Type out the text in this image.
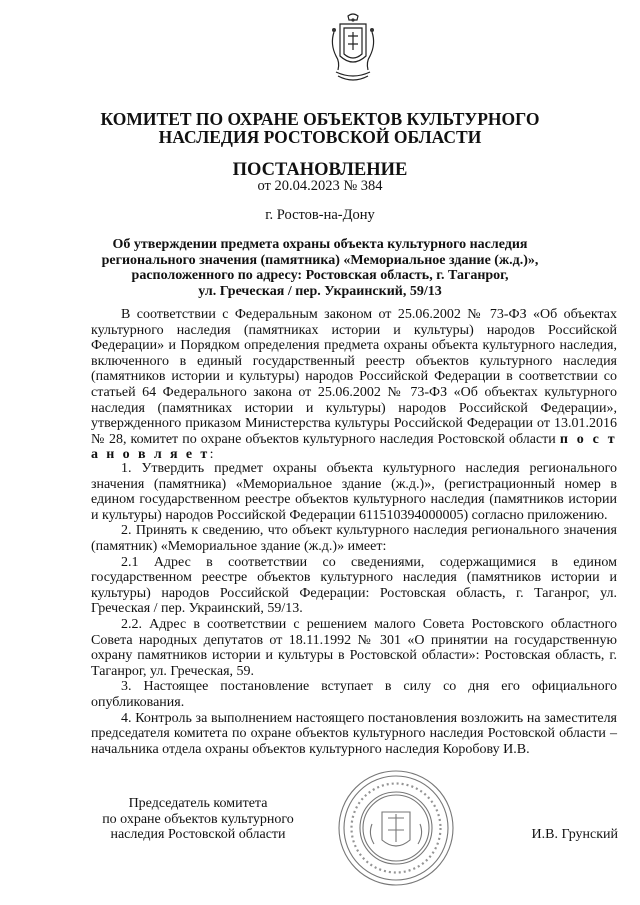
КОМИТЕТ ПО ОХРАНЕ ОБЪЕКТОВ КУЛЬТУРНОГО
НАСЛЕДИЯ РОСТОВСКОЙ ОБЛАСТИ
ПОСТАНОВЛЕНИЕ
от 20.04.2023 № 384
г. Ростов-на-Дону
Об утверждении предмета охраны объекта культурного наследия
регионального значения (памятника) «Мемориальное здание (ж.д.)»,
расположенного по адресу: Ростовская область, г. Таганрог,
ул. Греческая / пер. Украинский, 59/13

В соответствии с Федеральным законом от 25.06.2002 № 73-ФЗ «Об объектах культурного наследия (памятниках истории и культуры) народов Российской Федерации» и Порядком определения предмета охраны объекта культурного наследия, включенного в единый государственный реестр объектов культурного наследия (памятников истории и культуры) народов Российской Федерации в соответствии со статьей 64 Федерального закона от 25.06.2002 № 73-ФЗ «Об объектах культурного наследия (памятниках истории и культуры) народов Российской Федерации», утвержденного приказом Министерства культуры Российской Федерации от 13.01.2016 № 28, комитет по охране объектов культурного наследия Ростовской области п о с т а н о в л я е т:

1. Утвердить предмет охраны объекта культурного наследия регионального значения (памятника) «Мемориальное здание (ж.д.)», (регистрационный номер в едином государственном реестре объектов культурного наследия (памятников истории и культуры) народов Российской Федерации 611510394000005) согласно приложению.

2. Принять к сведению, что объект культурного наследия регионального значения (памятник) «Мемориальное здание (ж.д.)» имеет:

2.1 Адрес в соответствии со сведениями, содержащимися в едином государственном реестре объектов культурного наследия (памятников истории и культуры) народов Российской Федерации: Ростовская область, г. Таганрог, ул. Греческая / пер. Украинский, 59/13.

2.2. Адрес в соответствии с решением малого Совета Ростовского областного Совета народных депутатов от 18.11.1992 № 301 «О принятии на государственную охрану памятников истории и культуры в Ростовской области»: Ростовская область, г. Таганрог, ул. Греческая, 59.

3. Настоящее постановление вступает в силу со дня его официального опубликования.

4. Контроль за выполнением настоящего постановления возложить на заместителя председателя комитета по охране объектов культурного наследия Ростовской области – начальника отдела охраны объектов культурного наследия Коробову И.В.

Председатель комитета
по охране объектов культурного
наследия Ростовской области	И.В. Грунский
